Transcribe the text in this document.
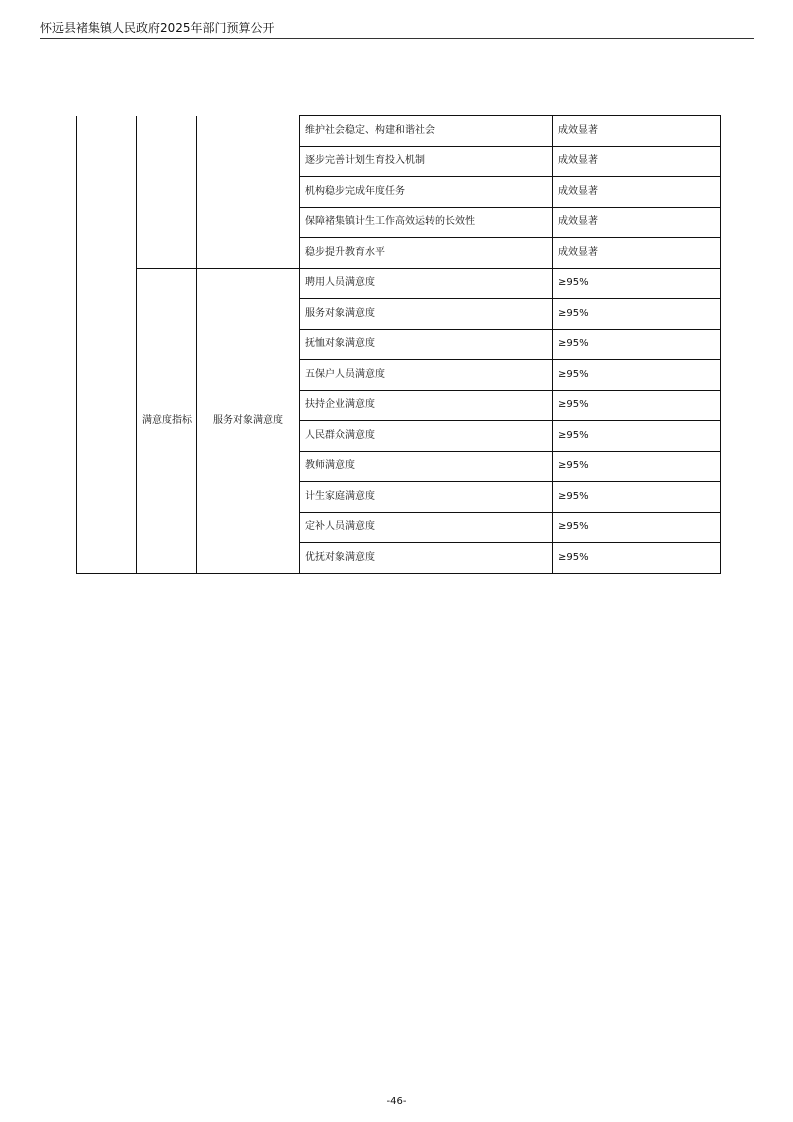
怀远县褚集镇人民政府2025年部门预算公开
			维护社会稳定、构建和谐社会	成效显著
			逐步完善计划生育投入机制	成效显著
			机构稳步完成年度任务	成效显著
			保障褚集镇计生工作高效运转的长效性	成效显著
			稳步提升教育水平	成效显著
	满意度指标	服务对象满意度	聘用人员满意度	≥95%
			服务对象满意度	≥95%
			抚恤对象满意度	≥95%
			五保户人员满意度	≥95%
			扶持企业满意度	≥95%
			人民群众满意度	≥95%
			教师满意度	≥95%
			计生家庭满意度	≥95%
			定补人员满意度	≥95%
			优抚对象满意度	≥95%
-46-
